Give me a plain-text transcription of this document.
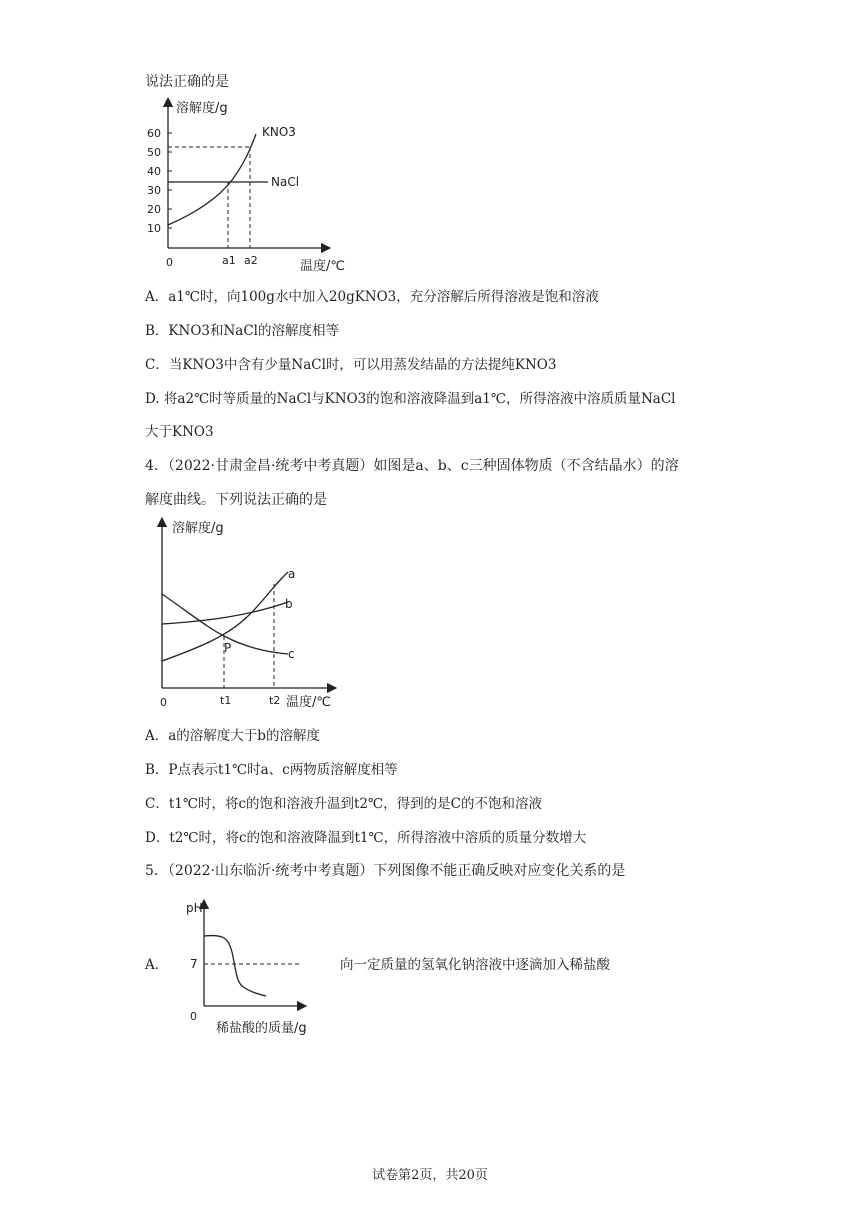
说法正确的是
溶解度/g
温度/℃
0
60
50
40
30
20
10
KNO3
NaCl
a1 a2
A．a1℃时，向100g水中加入20gKNO3，充分溶解后所得溶液是饱和溶液
B．KNO3和NaCl的溶解度相等
C．当KNO3中含有少量NaCl时，可以用蒸发结晶的方法提纯KNO3
D. 将a2℃时等质量的NaCl与KNO3的饱和溶液降温到a1℃，所得溶液中溶质质量NaCl
大于KNO3
4．（2022·甘肃金昌·统考中考真题）如图是a、b、c三种固体物质（不含结晶水）的溶
解度曲线。下列说法正确的是
溶解度/g
温度/℃
0
a
b
c
P
t1	t2
A．a的溶解度大于b的溶解度
B．P点表示t1℃时a、c两物质溶解度相等
C．t1℃时，将c的饱和溶液升温到t2℃，得到的是C的不饱和溶液
D．t2℃时，将c的饱和溶液降温到t1℃，所得溶液中溶质的质量分数增大
5．（2022·山东临沂·统考中考真题）下列图像不能正确反映对应变化关系的是
A．
pH
0
7
稀盐酸的质量/g
向一定质量的氢氧化钠溶液中逐滴加入稀盐酸
试卷第2页，共20页
